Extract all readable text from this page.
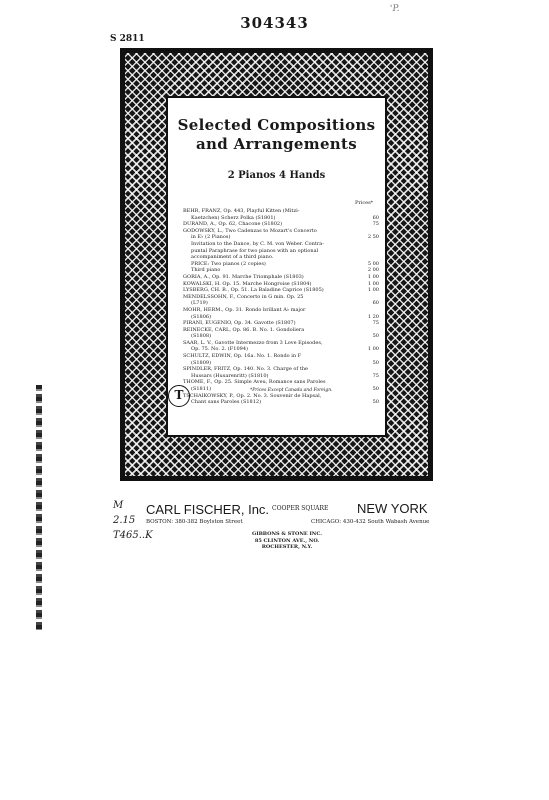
304343
'P.
S 2811
Selected Compositions
and Arrangements
2 Pianos 4 Hands
Prices*
BEHR, FRANZ, Op. 443, Playful Kitten (Mitzi-
Kaetzchen) Scherz Polka (S1801)	60
DURAND, A., Op. 62, Chacone (S1802)	75
GODOWSKY, L., Two Cadenzas to Mozart's Concerto
in E♭ (2 Pianos)	2 50
Invitation to the Dance, by C. M. von Weber. Contra-
puntal Paraphrase for two pianos with an optional
accompaniment of a third piano.
PRICE: Two pianos (2 copies)	5 00
Third piano	2 00
GORIA, A., Op. 91. Marche Triomphale (S1803)	1 00
KOWALSKI, H. Op. 15. Marche Hongroise (S1804)	1 00
LYSBERG, CH. B., Op. 51. La Baladine Caprice (S1805)	1 00
MENDELSSOHN, F., Concerto in G min. Op. 25
(L719)	60
MOHR, HERM., Op. 31. Rondo brillant A♭ major
(S1806)	1 20
PIRANI, EUGENIO, Op. 34. Gavotte (S1807)	75
REINECKE, CARL, Op. 86. B. No. 1. Gondoliera
(S1808)	50
SAAR, L. V., Gavotte Intermezzo from 3 Love Episodes,
Op. 75. No. 2. (F1094)	1 00
SCHULTZ, EDWIN, Op. 16a. No. 1. Rondo in F
(S1809)	50
SPINDLER, FRITZ, Op. 140. No. 3. Charge of the
Hussars (Husarenritt) (S1810)	75
THOME, F., Op. 25. Simple Aveu, Romance sans Paroles
(S1811)	50
TSCHAIKOWSKY, P., Op. 2. No. 3. Souvenir de Hapsal,
Chant sans Paroles (S1812)	50
T	*Prices Except Canada and Foreign.
M
2.15
T465..K
CARL FISCHER, Inc. COOPER SQUARE NEW YORK
BOSTON: 380-382 Boylston Street	CHICAGO: 430-432 South Wabash Avenue
GIBBONS & STONE INC.
85 CLINTON AVE., NO.
ROCHESTER, N.Y.
